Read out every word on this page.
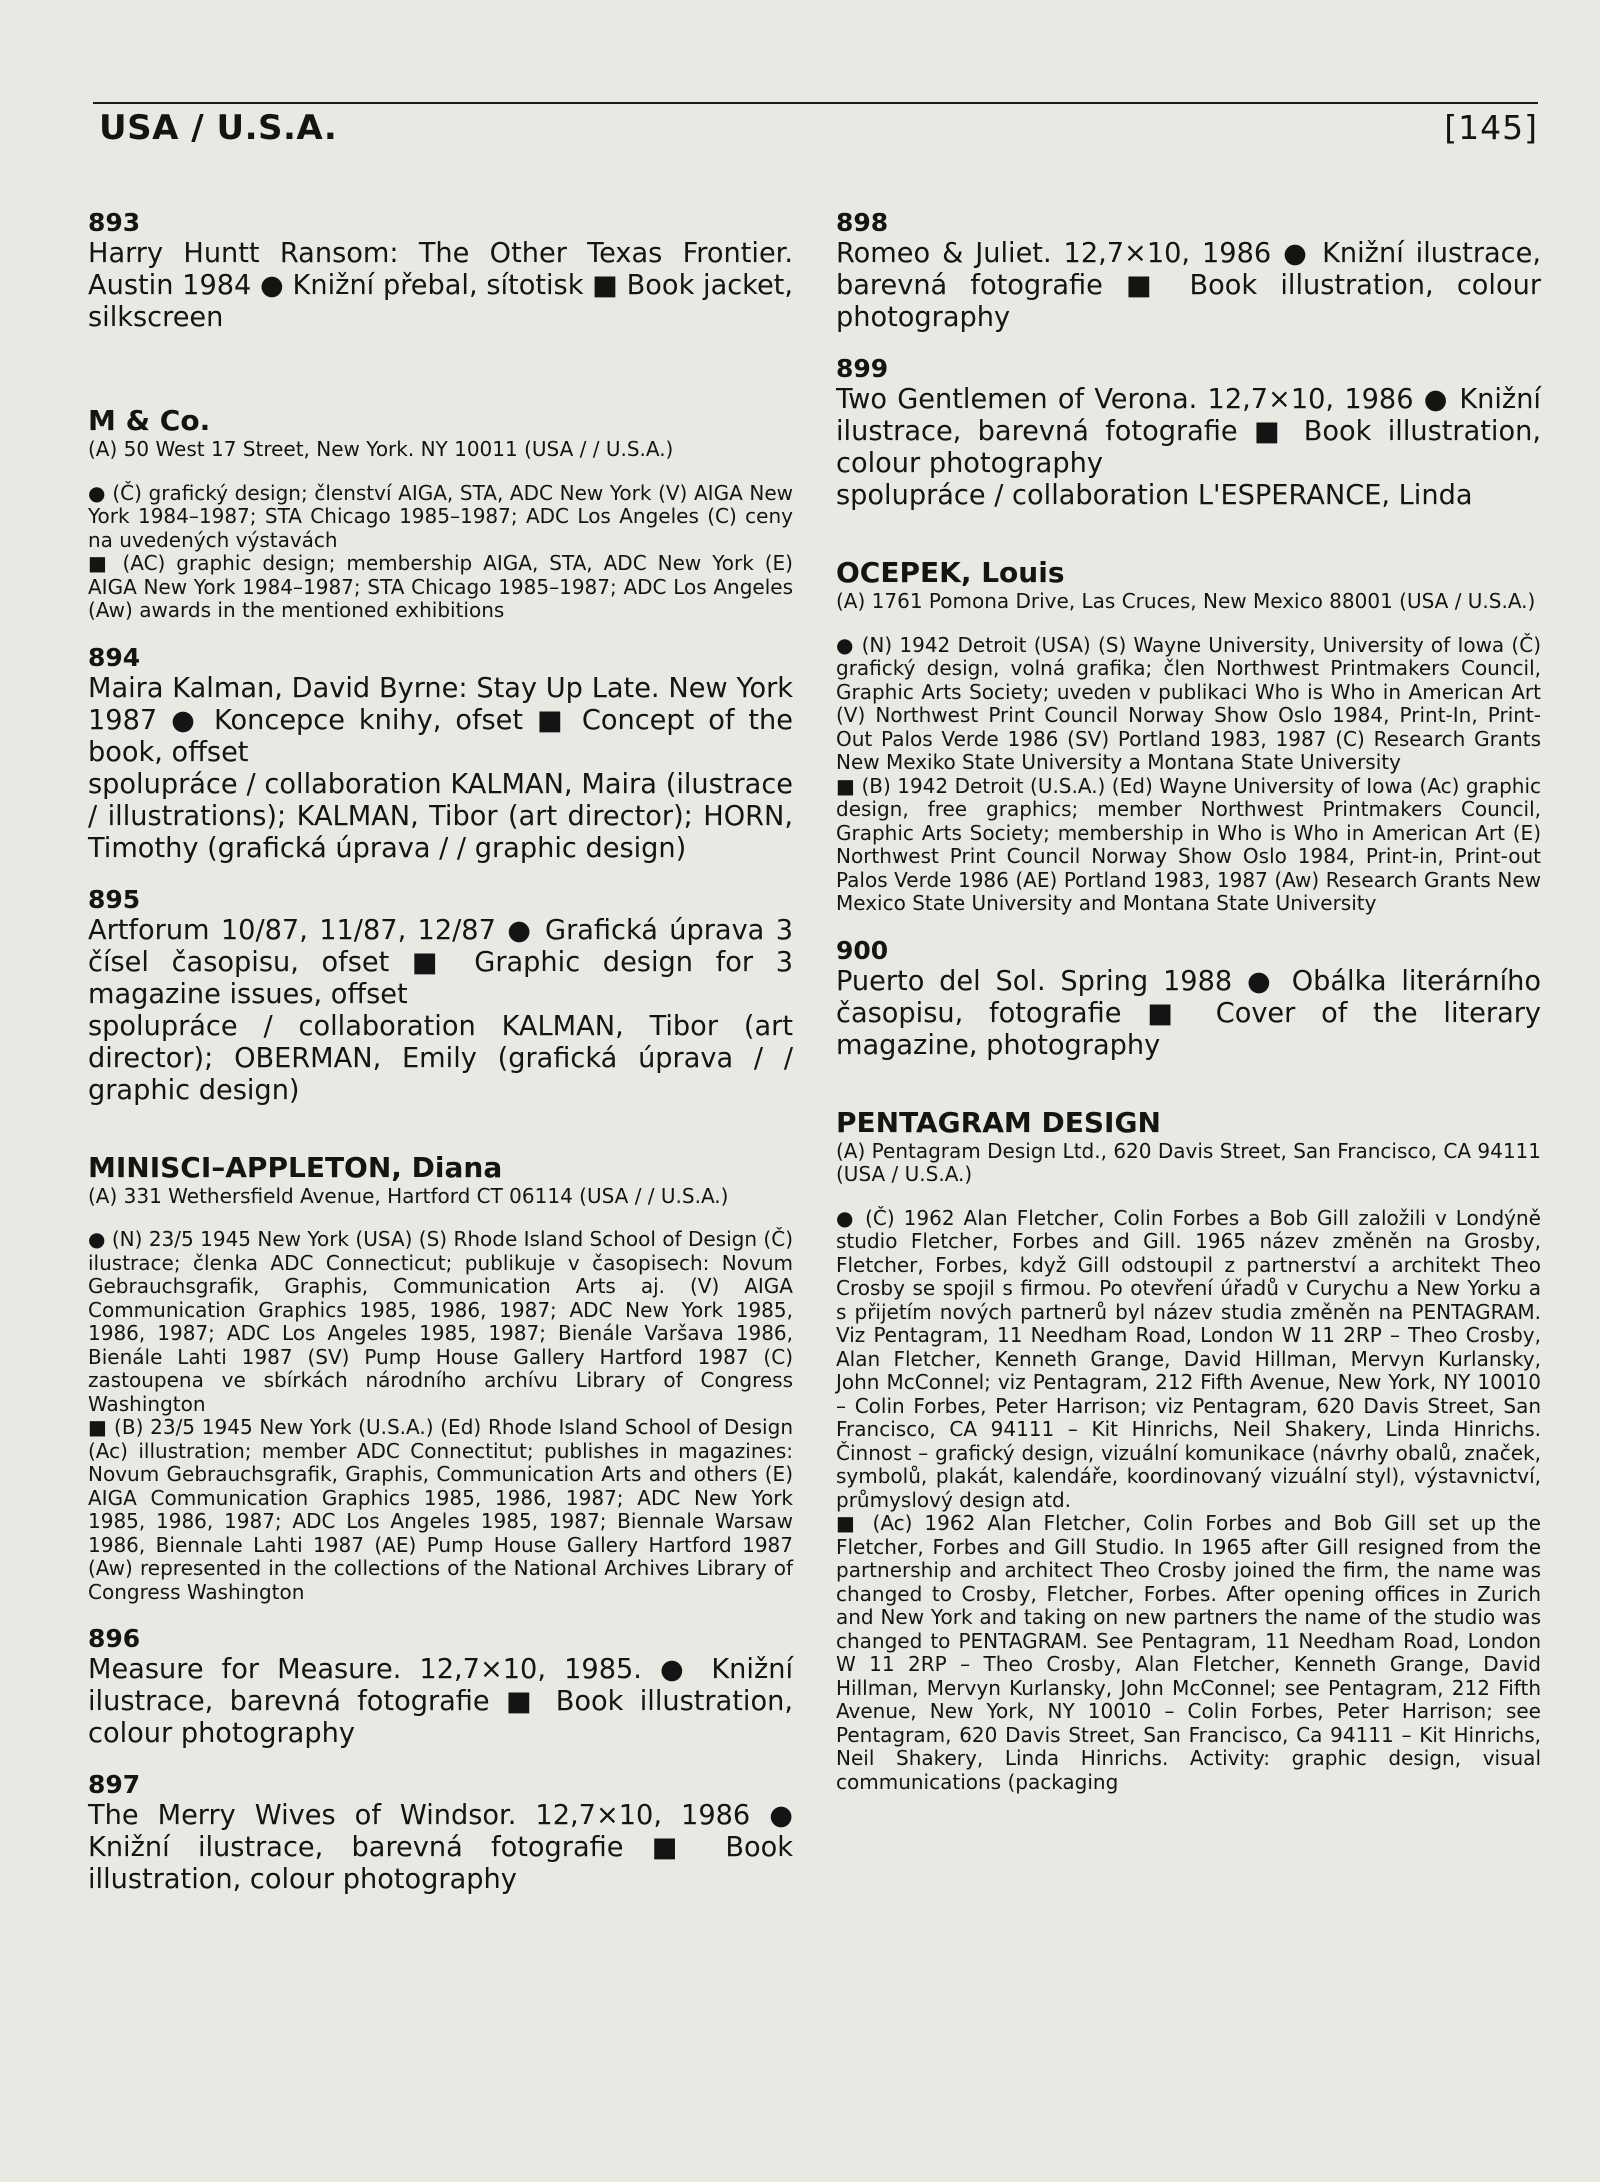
USA / U.S.A.	[145]

893

Harry Huntt Ransom: The Other Texas Frontier. Austin 1984 ● Knižní přebal, sítotisk ■ Book jacket, silkscreen

M & Co.

(A) 50 West 17 Street, New York. NY 10011 (USA / / U.S.A.)

● (Č) grafický design; členství AIGA, STA, ADC New York (V) AIGA New York 1984–1987; STA Chicago 1985–1987; ADC Los Angeles (C) ceny na uvedených výstavách

■ (AC) graphic design; membership AIGA, STA, ADC New York (E) AIGA New York 1984–1987; STA Chicago 1985–1987; ADC Los Angeles (Aw) awards in the mentioned exhibitions

894

Maira Kalman, David Byrne: Stay Up Late. New York 1987 ● Koncepce knihy, ofset ■ Concept of the book, offset

spolupráce / collaboration KALMAN, Maira (ilustrace / illustrations); KALMAN, Tibor (art director); HORN, Timothy (grafická úprava / / graphic design)

895

Artforum 10/87, 11/87, 12/87 ● Grafická úprava 3 čísel časopisu, ofset ■ Graphic design for 3 magazine issues, offset

spolupráce / collaboration KALMAN, Tibor (art director); OBERMAN, Emily (grafická úprava / / graphic design)

MINISCI–APPLETON, Diana

(A) 331 Wethersfield Avenue, Hartford CT 06114 (USA / / U.S.A.)

● (N) 23/5 1945 New York (USA) (S) Rhode Island School of Design (Č) ilustrace; členka ADC Connecticut; publikuje v časopisech: Novum Gebrauchsgrafik, Graphis, Communication Arts aj. (V) AIGA Communication Graphics 1985, 1986, 1987; ADC New York 1985, 1986, 1987; ADC Los Angeles 1985, 1987; Bienále Varšava 1986, Bienále Lahti 1987 (SV) Pump House Gallery Hartford 1987 (C) zastoupena ve sbírkách národního archívu Library of Congress Washington

■ (B) 23/5 1945 New York (U.S.A.) (Ed) Rhode Island School of Design (Ac) illustration; member ADC Connectitut; publishes in magazines: Novum Gebrauchsgrafik, Graphis, Communication Arts and others (E) AIGA Communication Graphics 1985, 1986, 1987; ADC New York 1985, 1986, 1987; ADC Los Angeles 1985, 1987; Biennale Warsaw 1986, Biennale Lahti 1987 (AE) Pump House Gallery Hartford 1987 (Aw) represented in the collections of the National Archives Library of Congress Washington

896

Measure for Measure. 12,7×10, 1985. ● Knižní ilustrace, barevná fotografie ■ Book illustration, colour photography

897

The Merry Wives of Windsor. 12,7×10, 1986 ● Knižní ilustrace, barevná fotografie ■ Book illustration, colour photography

898

Romeo & Juliet. 12,7×10, 1986 ● Knižní ilustrace, barevná fotografie ■ Book illustration, colour photography

899

Two Gentlemen of Verona. 12,7×10, 1986 ● Knižní ilustrace, barevná fotografie ■ Book illustration, colour photography

spolupráce / collaboration L'ESPERANCE, Linda

OCEPEK, Louis

(A) 1761 Pomona Drive, Las Cruces, New Mexico 88001 (USA / U.S.A.)

● (N) 1942 Detroit (USA) (S) Wayne University, University of Iowa (Č) grafický design, volná grafika; člen Northwest Printmakers Council, Graphic Arts Society; uveden v publikaci Who is Who in American Art (V) Northwest Print Council Norway Show Oslo 1984, Print-In, Print-Out Palos Verde 1986 (SV) Portland 1983, 1987 (C) Research Grants New Mexiko State University a Montana State University

■ (B) 1942 Detroit (U.S.A.) (Ed) Wayne University of Iowa (Ac) graphic design, free graphics; member Northwest Printmakers Council, Graphic Arts Society; membership in Who is Who in American Art (E) Northwest Print Council Norway Show Oslo 1984, Print-in, Print-out Palos Verde 1986 (AE) Portland 1983, 1987 (Aw) Research Grants New Mexico State University and Montana State University

900

Puerto del Sol. Spring 1988 ● Obálka literárního časopisu, fotografie ■ Cover of the literary magazine, photography

PENTAGRAM DESIGN

(A) Pentagram Design Ltd., 620 Davis Street, San Francisco, CA 94111 (USA / U.S.A.)

● (Č) 1962 Alan Fletcher, Colin Forbes a Bob Gill založili v Londýně studio Fletcher, Forbes and Gill. 1965 název změněn na Grosby, Fletcher, Forbes, když Gill odstoupil z partnerství a architekt Theo Crosby se spojil s firmou. Po otevření úřadů v Curychu a New Yorku a s přijetím nových partnerů byl název studia změněn na PENTAGRAM. Viz Pentagram, 11 Needham Road, London W 11 2RP – Theo Crosby, Alan Fletcher, Kenneth Grange, David Hillman, Mervyn Kurlansky, John McConnel; viz Pentagram, 212 Fifth Avenue, New York, NY 10010 – Colin Forbes, Peter Harrison; viz Pentagram, 620 Davis Street, San Francisco, CA 94111 – Kit Hinrichs, Neil Shakery, Linda Hinrichs. Činnost – grafický design, vizuální komunikace (návrhy obalů, značek, symbolů, plakát, kalendáře, koordinovaný vizuální styl), výstavnictví, průmyslový design atd.

■ (Ac) 1962 Alan Fletcher, Colin Forbes and Bob Gill set up the Fletcher, Forbes and Gill Studio. In 1965 after Gill resigned from the partnership and architect Theo Crosby joined the firm, the name was changed to Crosby, Fletcher, Forbes. After opening offices in Zurich and New York and taking on new partners the name of the studio was changed to PENTAGRAM. See Pentagram, 11 Needham Road, London W 11 2RP – Theo Crosby, Alan Fletcher, Kenneth Grange, David Hillman, Mervyn Kurlansky, John McConnel; see Pentagram, 212 Fifth Avenue, New York, NY 10010 – Colin Forbes, Peter Harrison; see Pentagram, 620 Davis Street, San Francisco, Ca 94111 – Kit Hinrichs, Neil Shakery, Linda Hinrichs. Activity: graphic design, visual communications (packaging
